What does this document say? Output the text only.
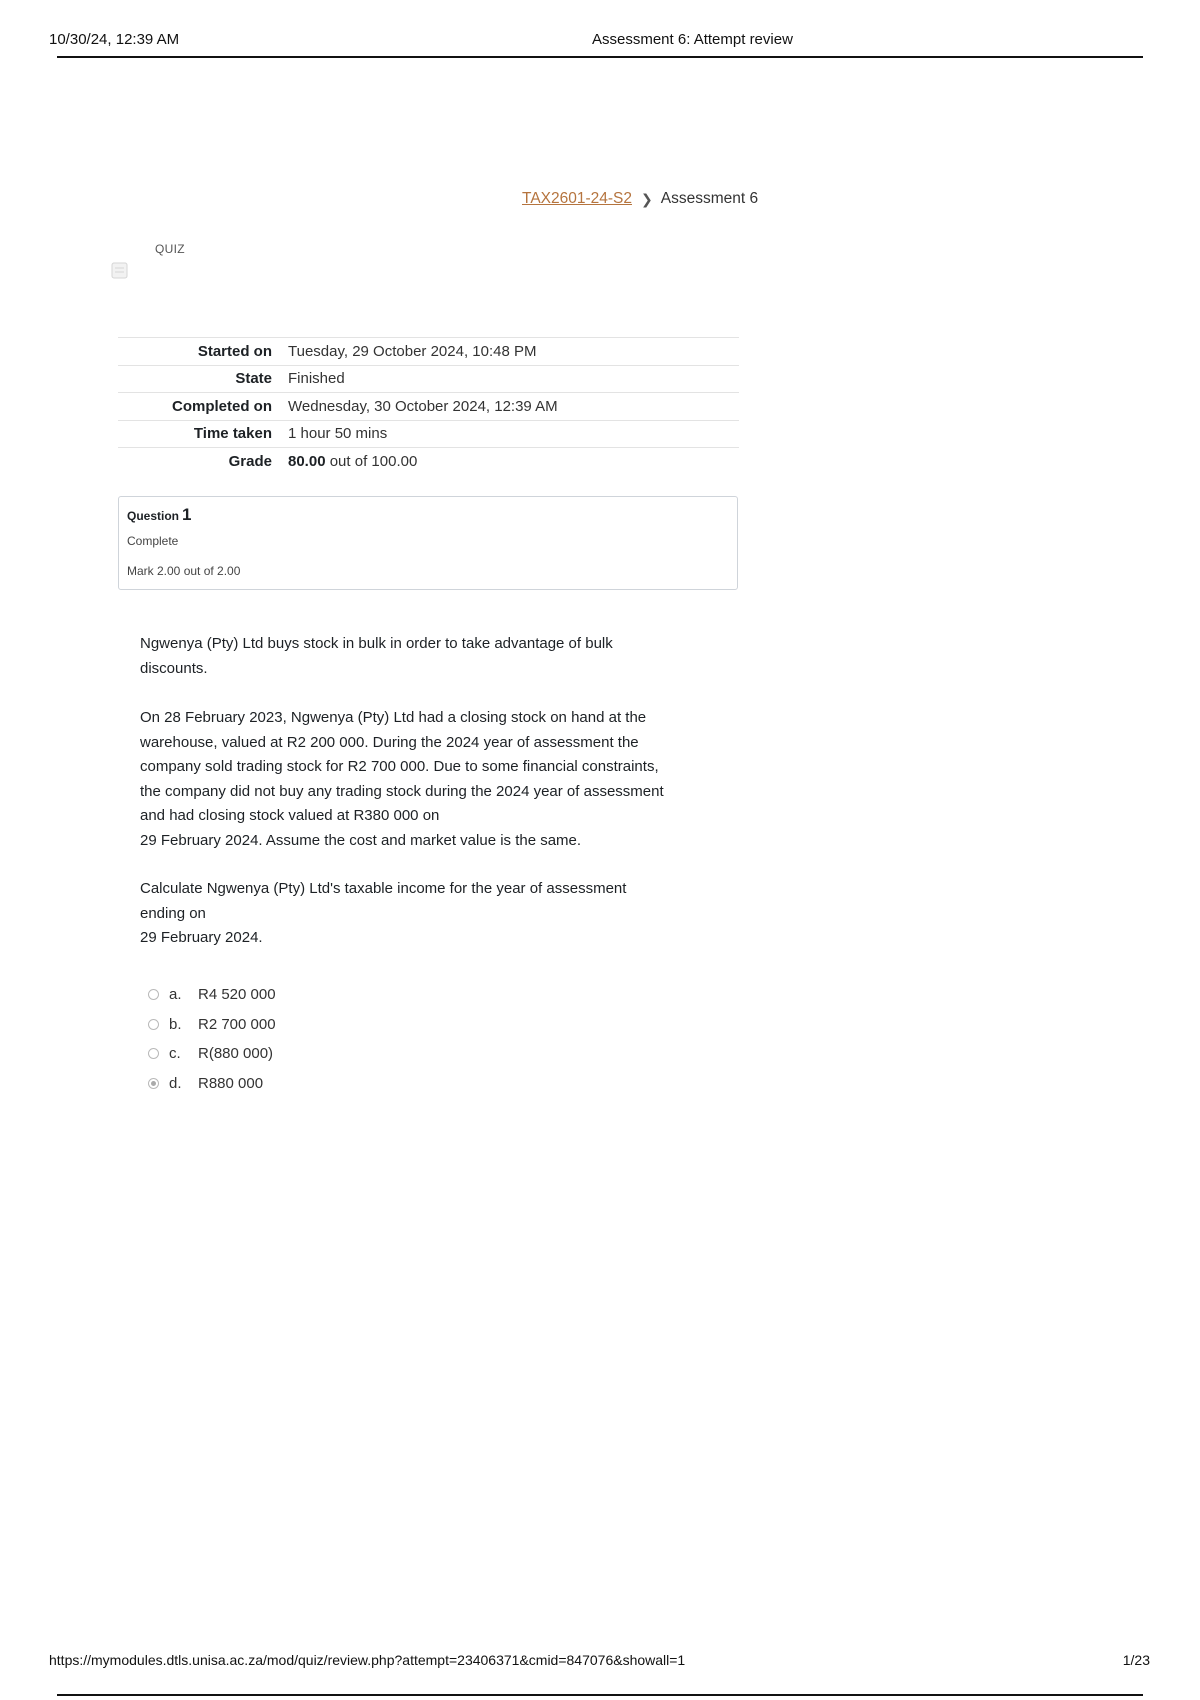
10/30/24, 12:39 AM	Assessment 6: Attempt review
TAX2601-24-S2 ❯ Assessment 6
QUIZ
Started on	Tuesday, 29 October 2024, 10:48 PM
State	Finished
Completed on	Wednesday, 30 October 2024, 12:39 AM
Time taken	1 hour 50 mins
Grade	80.00 out of 100.00
Question 1
Complete
Mark 2.00 out of 2.00

Ngwenya (Pty) Ltd buys stock in bulk in order to take advantage of bulk
discounts.

On 28 February 2023, Ngwenya (Pty) Ltd had a closing stock on hand at the
warehouse, valued at R2 200 000. During the 2024 year of assessment the
company sold trading stock for R2 700 000. Due to some financial constraints,
the company did not buy any trading stock during the 2024 year of assessment
and had closing stock valued at R380 000 on
29 February 2024. Assume the cost and market value is the same.

Calculate Ngwenya (Pty) Ltd's taxable income for the year of assessment
ending on
29 February 2024.

a.	R4 520 000
b.	R2 700 000
c.	R(880 000)
d.	R880 000
https://mymodules.dtls.unisa.ac.za/mod/quiz/review.php?attempt=23406371&cmid=847076&showall=1	1/23
